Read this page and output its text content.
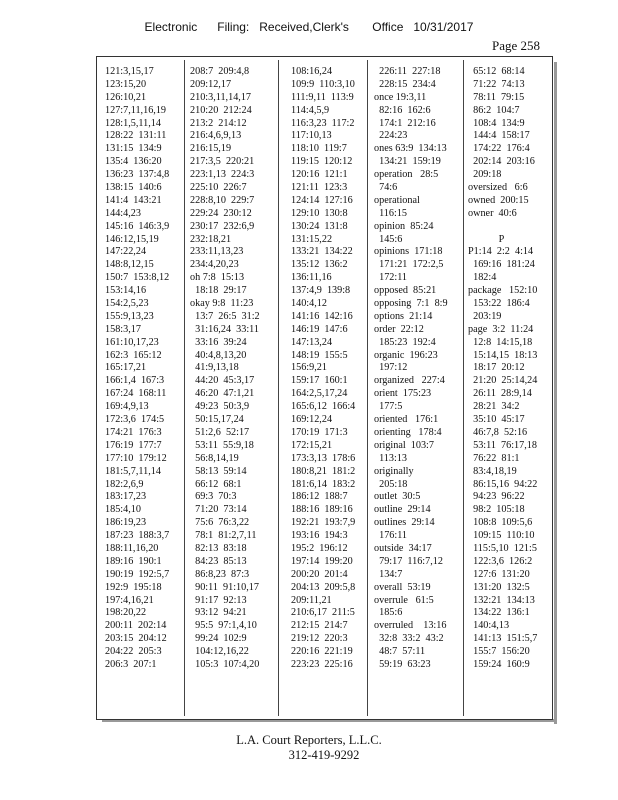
Electronic      Filing:   Received,Clerk's       Office   10/31/2017
Page 258
121:3,15,17
123:15,20
126:10,21
127:7,11,16,19
128:1,5,11,14
128:22  131:11
131:15  134:9
135:4  136:20
136:23  137:4,8
138:15  140:6
141:4  143:21
144:4,23
145:16  146:3,9
146:12,15,19
147:22,24
148:8,12,15
150:7  153:8,12
153:14,16
154:2,5,23
155:9,13,23
158:3,17
161:10,17,23
162:3  165:12
165:17,21
166:1,4  167:3
167:24  168:11
169:4,9,13
172:3,6  174:5
174:21  176:3
176:19  177:7
177:10  179:12
181:5,7,11,14
182:2,6,9
183:17,23
185:4,10
186:19,23
187:23  188:3,7
188:11,16,20
189:16  190:1
190:19  192:5,7
192:9  195:18
197:4,16,21
198:20,22
200:11  202:14
203:15  204:12
204:22  205:3
206:3  207:1
208:7  209:4,8
209:12,17
210:3,11,14,17
210:20  212:24
213:2  214:12
216:4,6,9,13
216:15,19
217:3,5  220:21
223:1,13  224:3
225:10  226:7
228:8,10  229:7
229:24  230:12
230:17  232:6,9
232:18,21
233:11,13,23
234:4,20,23
oh 7:8  15:13
18:18  29:17
okay 9:8  11:23
13:7  26:5  31:2
31:16,24  33:11
33:16  39:24
40:4,8,13,20
41:9,13,18
44:20  45:3,17
46:20  47:1,21
49:23  50:3,9
50:15,17,24
51:2,6  52:17
53:11  55:9,18
56:8,14,19
58:13  59:14
66:12  68:1
69:3  70:3
71:20  73:14
75:6  76:3,22
78:1  81:2,7,11
82:13  83:18
84:23  85:13
86:8,23  87:3
90:11  91:10,17
91:17  92:13
93:12  94:21
95:5  97:1,4,10
99:24  102:9
104:12,16,22
105:3  107:4,20
108:16,24
109:9  110:3,10
111:9,11  113:9
114:4,5,9
116:3,23  117:2
117:10,13
118:10  119:7
119:15  120:12
120:16  121:1
121:11  123:3
124:14  127:16
129:10  130:8
130:24  131:8
131:15,22
133:21  134:22
135:12  136:2
136:11,16
137:4,9  139:8
140:4,12
141:16  142:16
146:19  147:6
147:13,24
148:19  155:5
156:9,21
159:17  160:1
164:2,5,17,24
165:6,12  166:4
169:12,24
170:19  171:3
172:15,21
173:3,13  178:6
180:8,21  181:2
181:6,14  183:2
186:12  188:7
188:16  189:16
192:21  193:7,9
193:16  194:3
195:2  196:12
197:14  199:20
200:20  201:4
204:13  209:5,8
209:11,21
210:6,17  211:5
212:15  214:7
219:12  220:3
220:16  221:19
223:23  225:16
226:11  227:18
228:15  234:4
once 19:3,11
82:16  162:6
174:1  212:16
224:23
ones 63:9  134:13
134:21  159:19
operation   28:5
74:6
operational
116:15
opinion  85:24
145:6
opinions  171:18
171:21  172:2,5
172:11
opposed  85:21
opposing  7:1  8:9
options  21:14
order  22:12
185:23  192:4
organic  196:23
197:12
organized   227:4
orient  175:23
177:5
oriented   176:1
orienting   178:4
original  103:7
113:13
originally
205:18
outlet  30:5
outline  29:14
outlines  29:14
176:11
outside  34:17
79:17  116:7,12
134:7
overall  53:19
overrule   61:5
185:6
overruled    13:16
32:8  33:2  43:2
48:7  57:11
59:19  63:23
65:12  68:14
71:22  74:13
78:11  79:15
86:2  104:7
108:4  134:9
144:4  158:17
174:22  176:4
202:14  203:16
209:18
oversized   6:6
owned  200:15
owner  40:6
P
P1:14  2:2  4:14
169:16  181:24
182:4
package   152:10
153:22  186:4
203:19
page  3:2  11:24
12:8  14:15,18
15:14,15  18:13
18:17  20:12
21:20  25:14,24
26:11  28:9,14
28:21  34:2
35:10  45:17
46:7,8  52:16
53:11  76:17,18
76:22  81:1
83:4,18,19
86:15,16  94:22
94:23  96:22
98:2  105:18
108:8  109:5,6
109:15  110:10
115:5,10  121:5
122:3,6  126:2
127:6  131:20
131:20  132:5
132:21  134:13
134:22  136:1
140:4,13
141:13  151:5,7
155:7  156:20
159:24  160:9
L.A. Court Reporters, L.L.C.
312-419-9292
